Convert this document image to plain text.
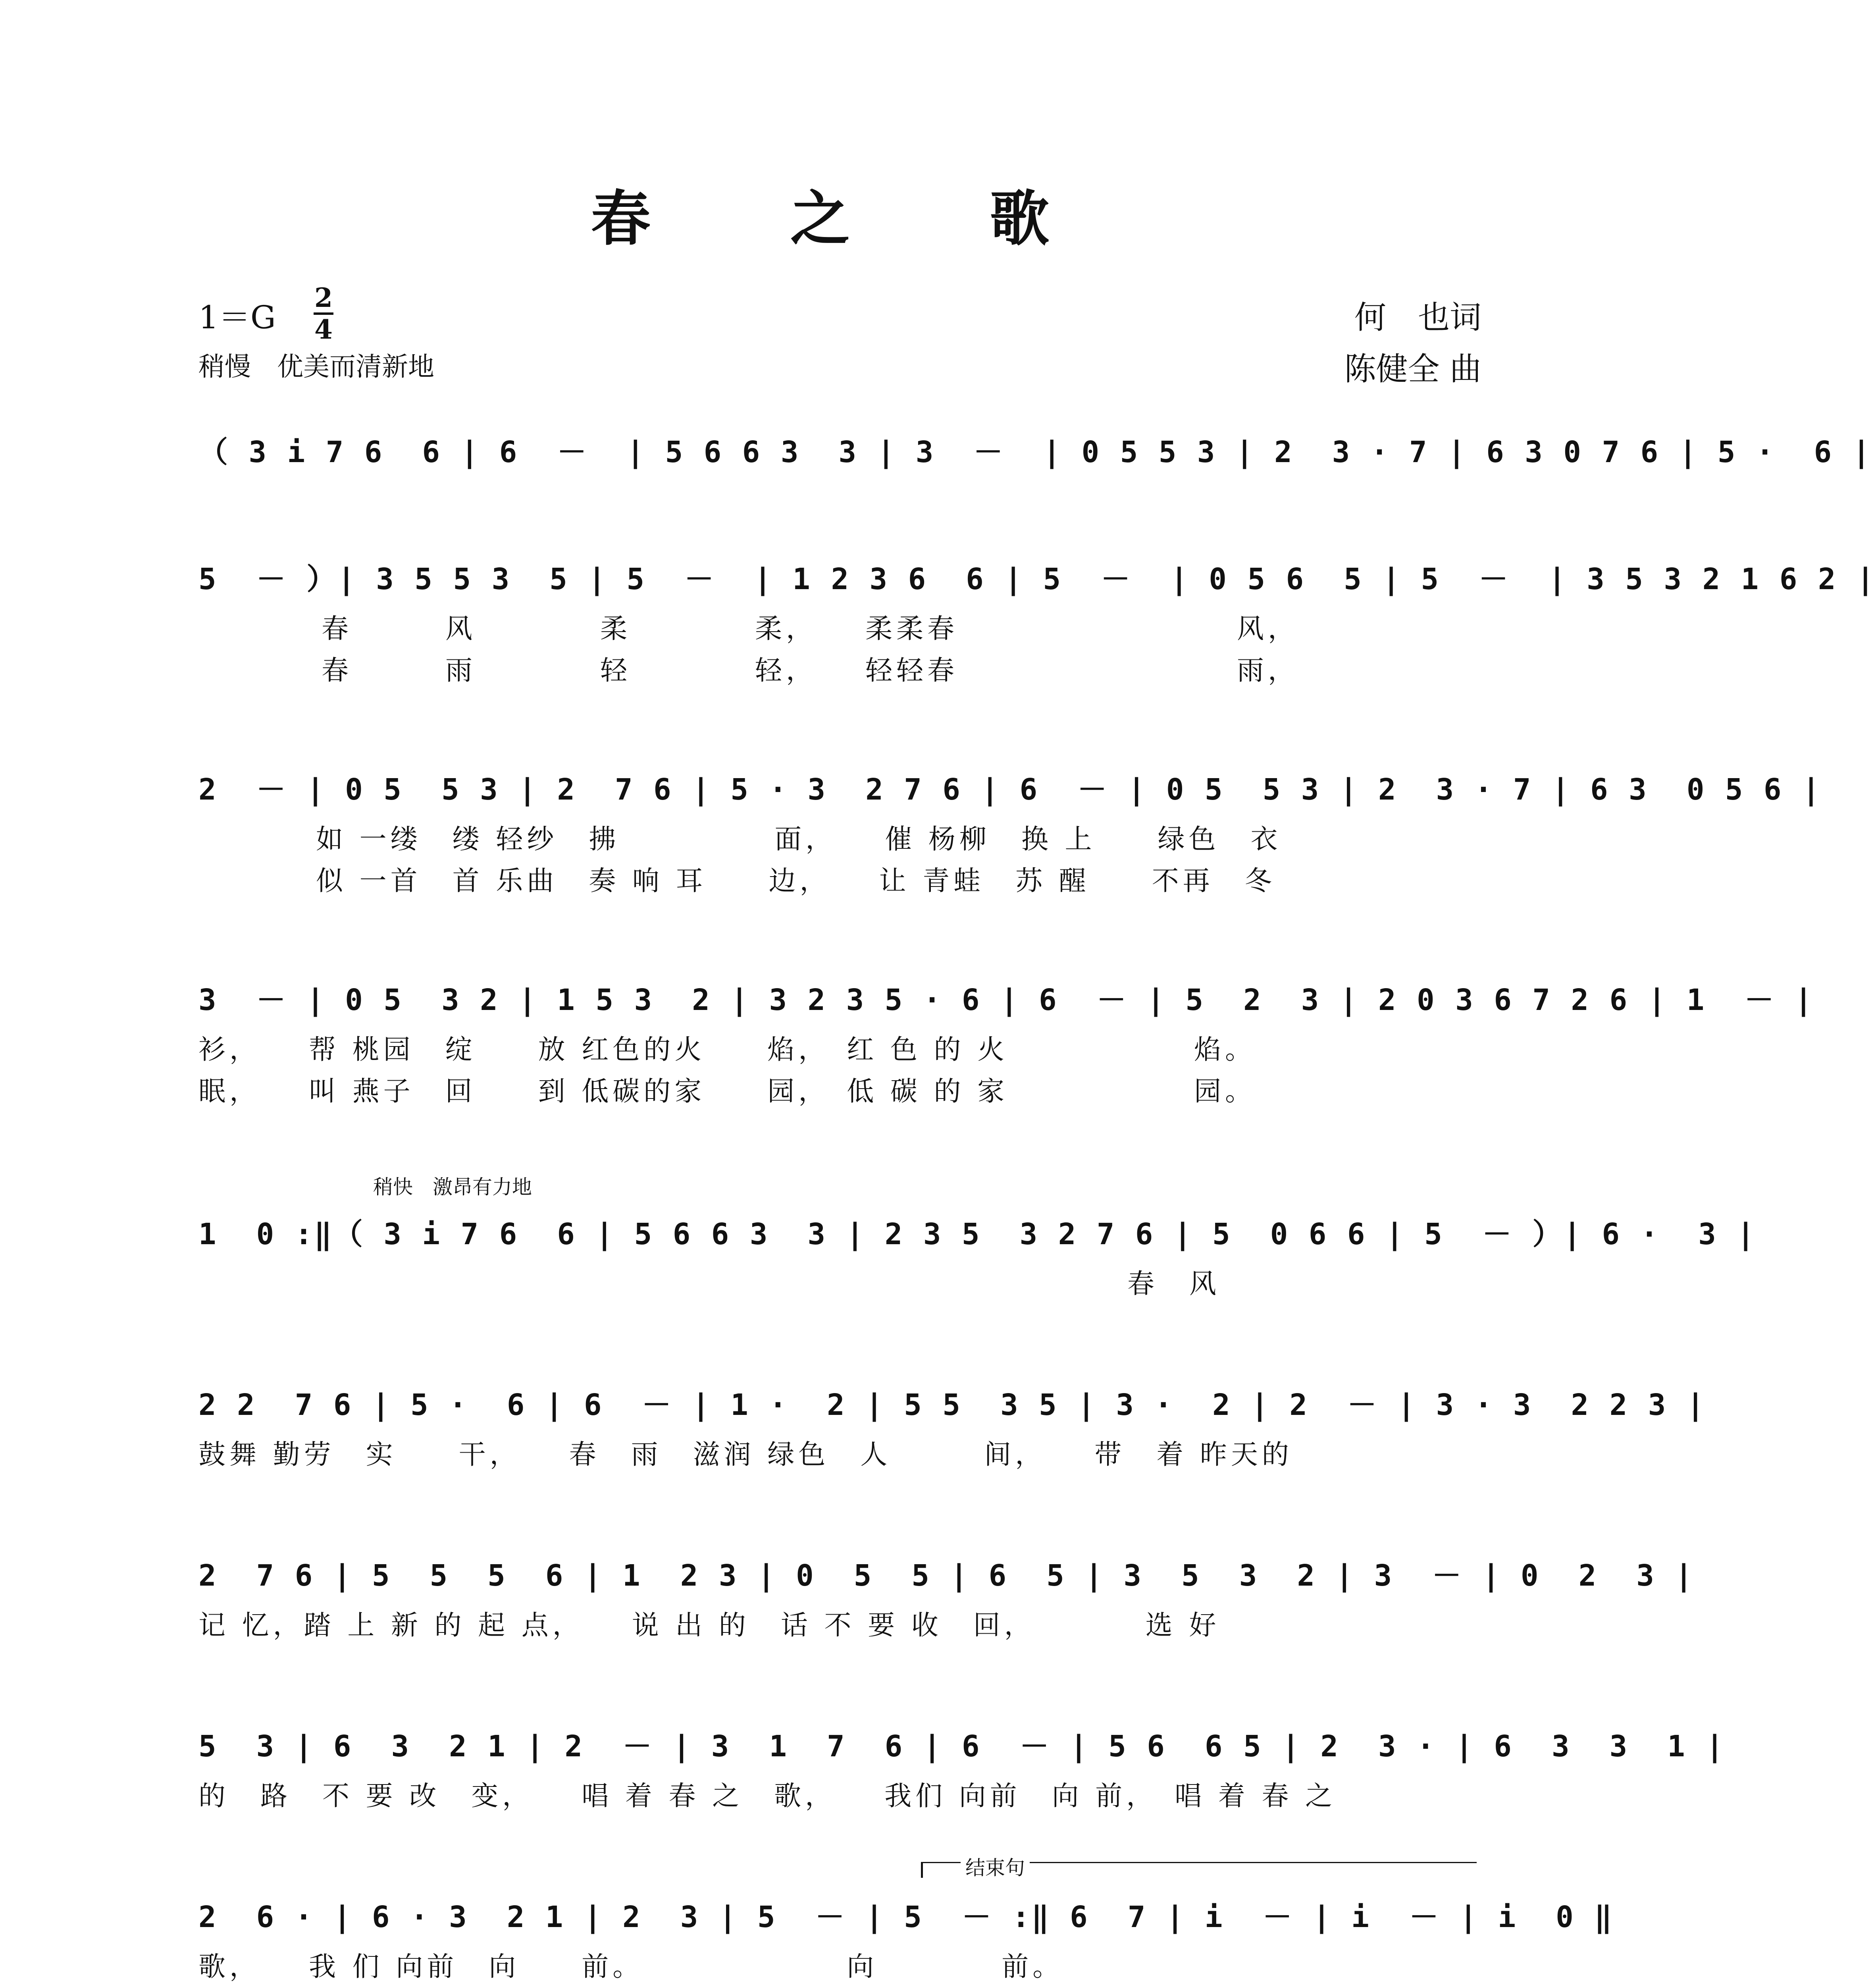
春 之 歌
1＝G
2
4
稍慢　优美而清新地
何　也词
陈健全 曲
（ 3 i 7 6  6 | 6  －  | 5 6 6 3  3 | 3  －  | 0 5 5 3 | 2  3 · 7 | 6 3 0 7 6 | 5 ·  6 |
5  － ）| 3 5 5 3  5 | 5  －  | 1 2 3 6  6 | 5  －  | 0 5 6  5 | 5  －  | 3 5 3 2 1 6 2 |
春　　　风　　　　柔　　　　柔，　　柔柔春　　　　　　　　　风，
春　　　雨　　　　轻　　　　轻，　　轻轻春　　　　　　　　　雨，
2  － | 0 5  5 3 | 2  7 6 | 5 · 3  2 7 6 | 6  － | 0 5  5 3 | 2  3 · 7 | 6 3  0 5 6 |
　　如 一缕　缕 轻纱　拂　　　　　面，　　催 杨柳　换 上　　绿色　衣
　　似 一首　首 乐曲　奏 响 耳　　边，　　让 青蛙　苏 醒　　不再　冬
3  － | 0 5  3 2 | 1 5 3  2 | 3 2 3 5 · 6 | 6  － | 5  2  3 | 2 0 3 6 7 2 6 | 1  － |
衫，　　帮 桃园　绽　　放 红色的火　　焰，　红 色 的 火　　　　　　焰。
眠，　　叫 燕子　回　　到 低碳的家　　园，　低 碳 的 家　　　　　　园。
稍快　激昂有力地
1  0 :‖（ 3 i 7 6  6 | 5 6 6 3  3 | 2 3 5  3 2 7 6 | 5  0 6 6 | 5  － ）| 6 ·  3 |
　　　　　　　　　　　　　　　　　　　　　　　　　　　　　　春　风
2 2  7 6 | 5 ·  6 | 6  － | 1 ·  2 | 5 5  3 5 | 3 ·  2 | 2  － | 3 · 3  2 2 3 |
鼓舞 勤劳　实　　干，　　春　雨　滋润 绿色　人　　　间，　　带　着 昨天的
2  7 6 | 5  5  5  6 | 1  2 3 | 0  5  5 | 6  5 | 3  5  3  2 | 3  － | 0  2  3 |
记 忆，踏 上 新 的 起 点，　　说 出 的　话 不 要 收　回，　　　　选 好
5  3 | 6  3  2 1 | 2  － | 3  1  7  6 | 6  － | 5 6  6 5 | 2  3 · | 6  3  3  1 |
的　路　不 要 改　变，　　唱 着 春 之　歌，　　我们 向前　向 前，　唱 着 春 之
结束句
2  6 · | 6 · 3  2 1 | 2  3 | 5  － | 5  － :‖ 6  7 | i  － | i  － | i  0 ‖
歌，　　我 们 向前　向　　前。　　　　　　　向　　　　前。
